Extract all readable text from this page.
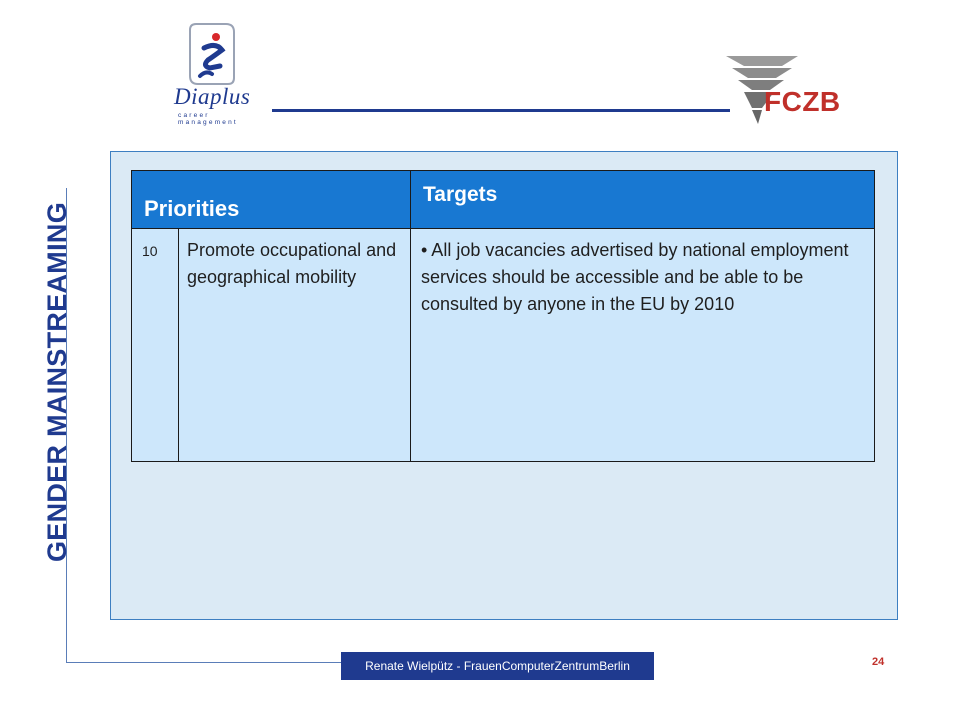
Diaplus
career management
FCZB
GENDER MAINSTREAMING	Priorities		Targets
10	Promote occupational and geographical mobility	• All job vacancies advertised by national employment services should be accessible and be able to be consulted by anyone in the EU by 2010
Renate Wielpütz - FrauenComputerZentrumBerlin	24
